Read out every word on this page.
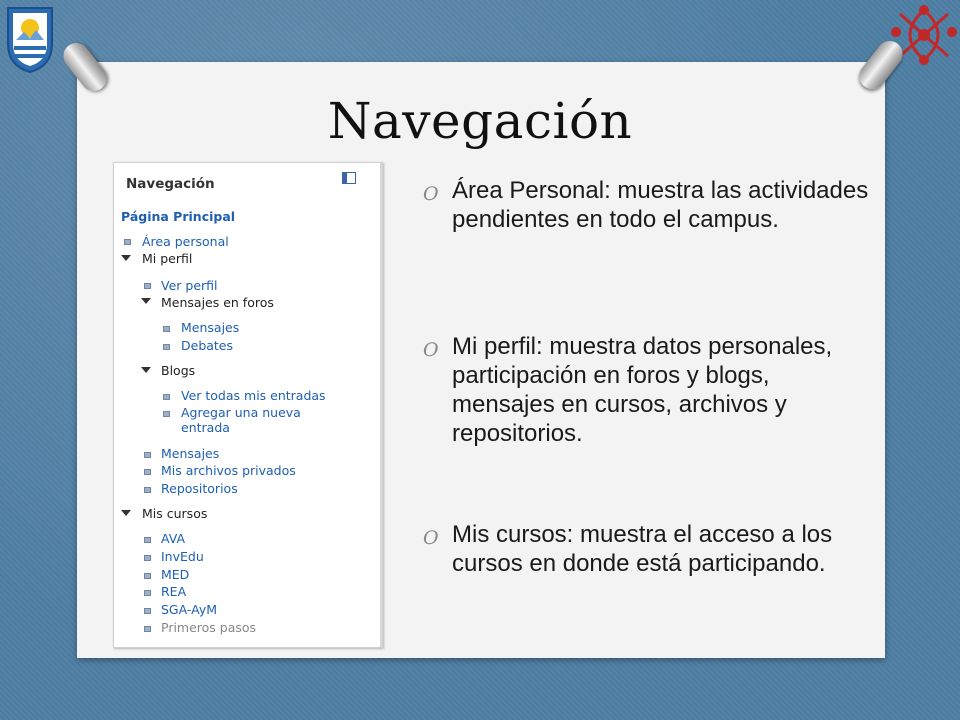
Navegación
Navegación
Página Principal
Área personal
Mi perfil
Ver perfil
Mensajes en foros
Mensajes
Debates
Blogs
Ver todas mis entradas
Agregar una nueva
entrada
Mensajes
Mis archivos privados
Repositorios
Mis cursos
AVA
InvEdu
MED
REA
SGA-AyM
Primeros pasos
O Área Personal: muestra las actividades pendientes en todo el campus.
O Mi perfil: muestra datos personales, participación en foros y blogs, mensajes en cursos, archivos y repositorios.
O Mis cursos: muestra el acceso a los cursos en donde está participando.
